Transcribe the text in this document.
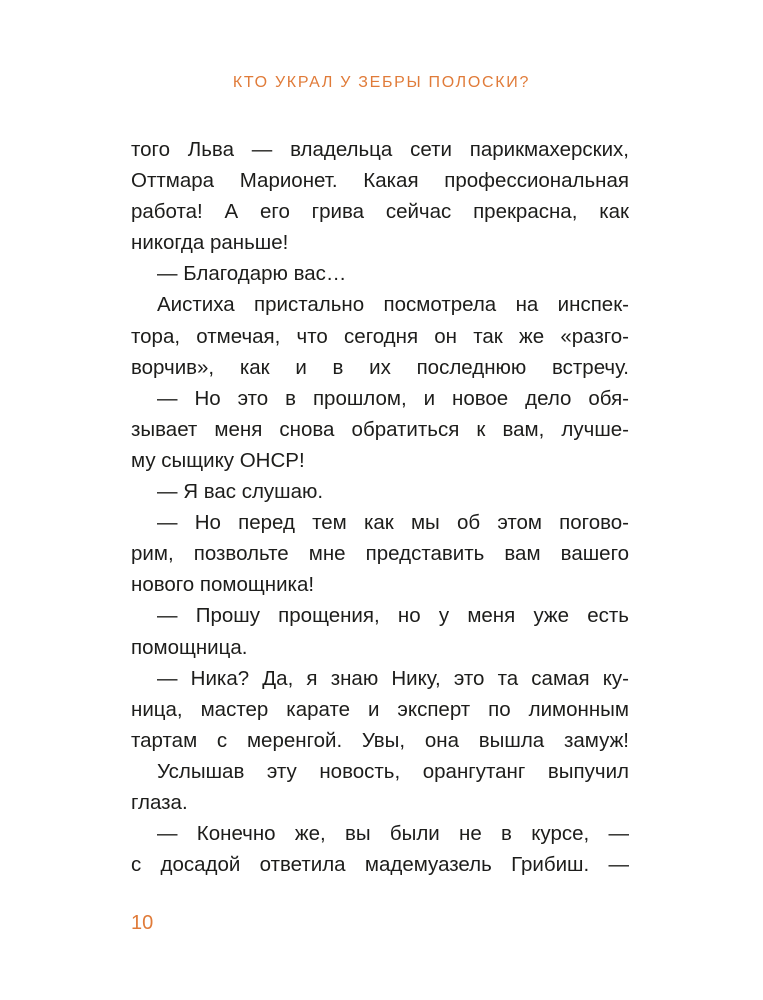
КТО УКРАЛ У ЗЕБРЫ ПОЛОСКИ?
того Льва — владельца сети парикмахерских,
Оттмара Марионет. Какая профессиональная
работа! А его грива сейчас прекрасна, как
никогда раньше!
— Благодарю вас…
Аистиха пристально посмотрела на инспек-
тора, отмечая, что сегодня он так же «разго-
ворчив», как и в их последнюю встречу.
— Но это в прошлом, и новое дело обя-
зывает меня снова обратиться к вам, лучше-
му сыщику ОНСР!
— Я вас слушаю.
— Но перед тем как мы об этом погово-
рим, позвольте мне представить вам вашего
нового помощника!
— Прошу прощения, но у меня уже есть
помощница.
— Ника? Да, я знаю Нику, это та самая ку-
ница, мастер карате и эксперт по лимонным
тартам с меренгой. Увы, она вышла замуж!
Услышав эту новость, орангутанг выпучил
глаза.
— Конечно же, вы были не в курсе, —
с досадой ответила мадемуазель Грибиш. —
10
